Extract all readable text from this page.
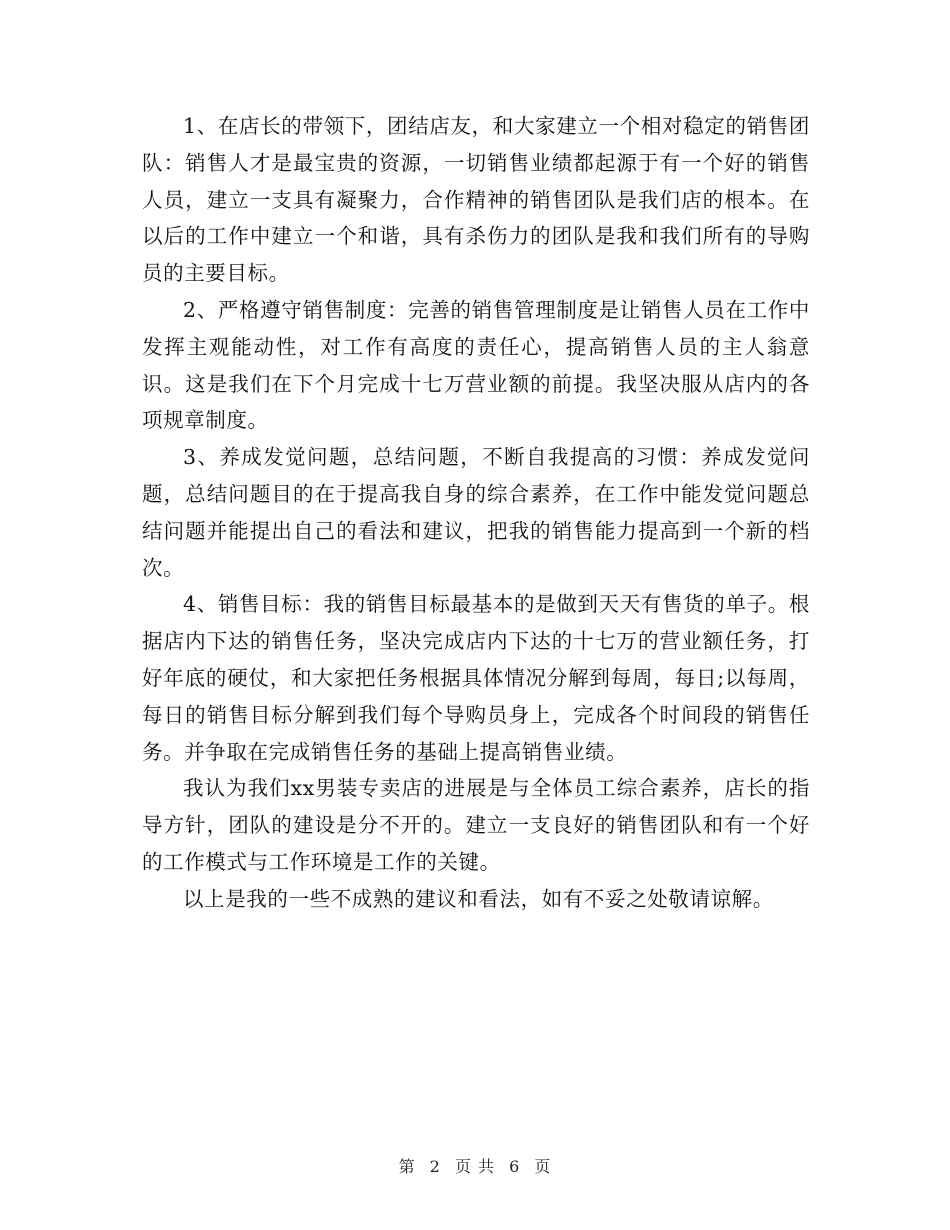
1、在店长的带领下，团结店友，和大家建立一个相对稳定的销售团队：销售人才是最宝贵的资源，一切销售业绩都起源于有一个好的销售人员，建立一支具有凝聚力，合作精神的销售团队是我们店的根本。在以后的工作中建立一个和谐，具有杀伤力的团队是我和我们所有的导购员的主要目标。

2、严格遵守销售制度：完善的销售管理制度是让销售人员在工作中发挥主观能动性，对工作有高度的责任心，提高销售人员的主人翁意识。这是我们在下个月完成十七万营业额的前提。我坚决服从店内的各项规章制度。

3、养成发觉问题，总结问题，不断自我提高的习惯：养成发觉问题，总结问题目的在于提高我自身的综合素养，在工作中能发觉问题总结问题并能提出自己的看法和建议，把我的销售能力提高到一个新的档次。

4、销售目标：我的销售目标最基本的是做到天天有售货的单子。根据店内下达的销售任务，坚决完成店内下达的十七万的营业额任务，打好年底的硬仗，和大家把任务根据具体情况分解到每周，每日;以每周，每日的销售目标分解到我们每个导购员身上，完成各个时间段的销售任务。并争取在完成销售任务的基础上提高销售业绩。

我认为我们xx男装专卖店的进展是与全体员工综合素养，店长的指导方针，团队的建设是分不开的。建立一支良好的销售团队和有一个好的工作模式与工作环境是工作的关键。

以上是我的一些不成熟的建议和看法，如有不妥之处敬请谅解。

第 2 页 共 6 页
